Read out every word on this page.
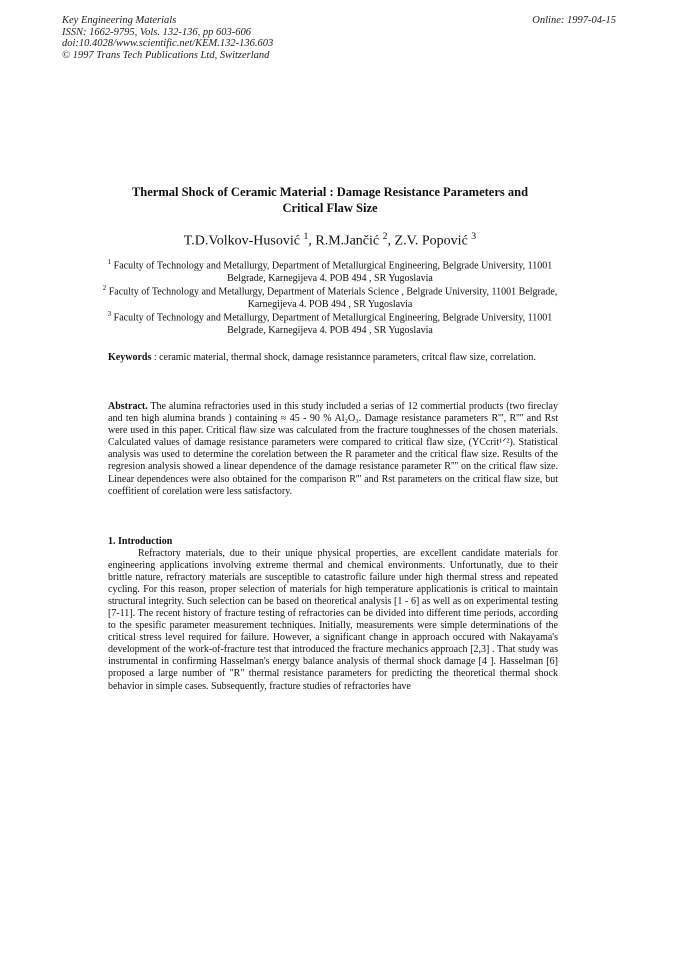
Key Engineering Materials
ISSN: 1662-9795, Vols. 132-136, pp 603-606
doi:10.4028/www.scientific.net/KEM.132-136.603
© 1997 Trans Tech Publications Ltd, Switzerland
Online: 1997-04-15
Thermal Shock of Ceramic Material : Damage Resistance Parameters and Critical Flaw Size
T.D.Volkov-Husović $^1$, R.M.Jančić $^2$, Z.V. Popović $^3$
$^1$ Faculty of Technology and Metallurgy, Department of Metallurgical Engineering, Belgrade University, 11001 Belgrade, Karnegijeva 4. POB 494 , SR Yugoslavia
$^2$ Faculty of Technology and Metallurgy, Department of Materials Science , Belgrade University, 11001 Belgrade, Karnegijeva 4. POB 494 , SR Yugoslavia
$^3$ Faculty of Technology and Metallurgy, Department of Metallurgical Engineering, Belgrade University, 11001 Belgrade, Karnegijeva 4. POB 494 , SR Yugoslavia
Keywords : ceramic material, thermal shock, damage resistannce parameters, critcal flaw size, correlation.
Abstract. The alumina refractories used in this study included a serias of 12 commertial products (two fireclay and ten high alumina brands ) containing ≈ 45 - 90 % Al₂O₃. Damage resistance parameters R''', R'''' and Rst were used in this paper. Critical flaw size was calculated from the fracture toughnesses of the chosen materials. Calculated values of damage resistance parameters were compared to critical flaw size, (YCcrit¹ᐟ²). Statistical analysis was used to determine the corelation between the R parameter and the critical flaw size. Results of the regresion analysis showed a linear dependence of the damage resistance parameter R'''' on the critical flaw size. Linear dependences were also obtained for the comparison R''' and Rst parameters on the critical flaw size, but coeffitient of corelation were less satisfactory.
1. Introduction
Refractory materials, due to their unique physical properties, are excellent candidate materials for engineering applications involving extreme thermal and chemical environments. Unfortunatly, due to their brittle nature, refractory materials are susceptible to catastrofic failure under high thermal stress and repeated cycling. For this reason, proper selection of materials for high temperature applicationis is critical to maintain structural integrity. Such selection can be based on theoretical analysis [1 - 6] as well as on experimental testing [7-11]. The recent history of fracture testing of refractories can be divided into different time periods, according to the spesific parameter measurement techniques. Initially, measurements were simple determinations of the critical stress level required for failure. However, a significant change in approach occured with Nakayama's development of the work-of-fracture test that introduced the fracture mechanics approach [2,3] . That study was instrumental in confirming Hasselman's energy balance analysis of thermal shock damage [4 ]. Hasselman [6] proposed a large number of "R" thermal resistance parameters for predicting the theoretical thermal shock behavior in simple cases. Subsequently, fracture studies of refractories have
